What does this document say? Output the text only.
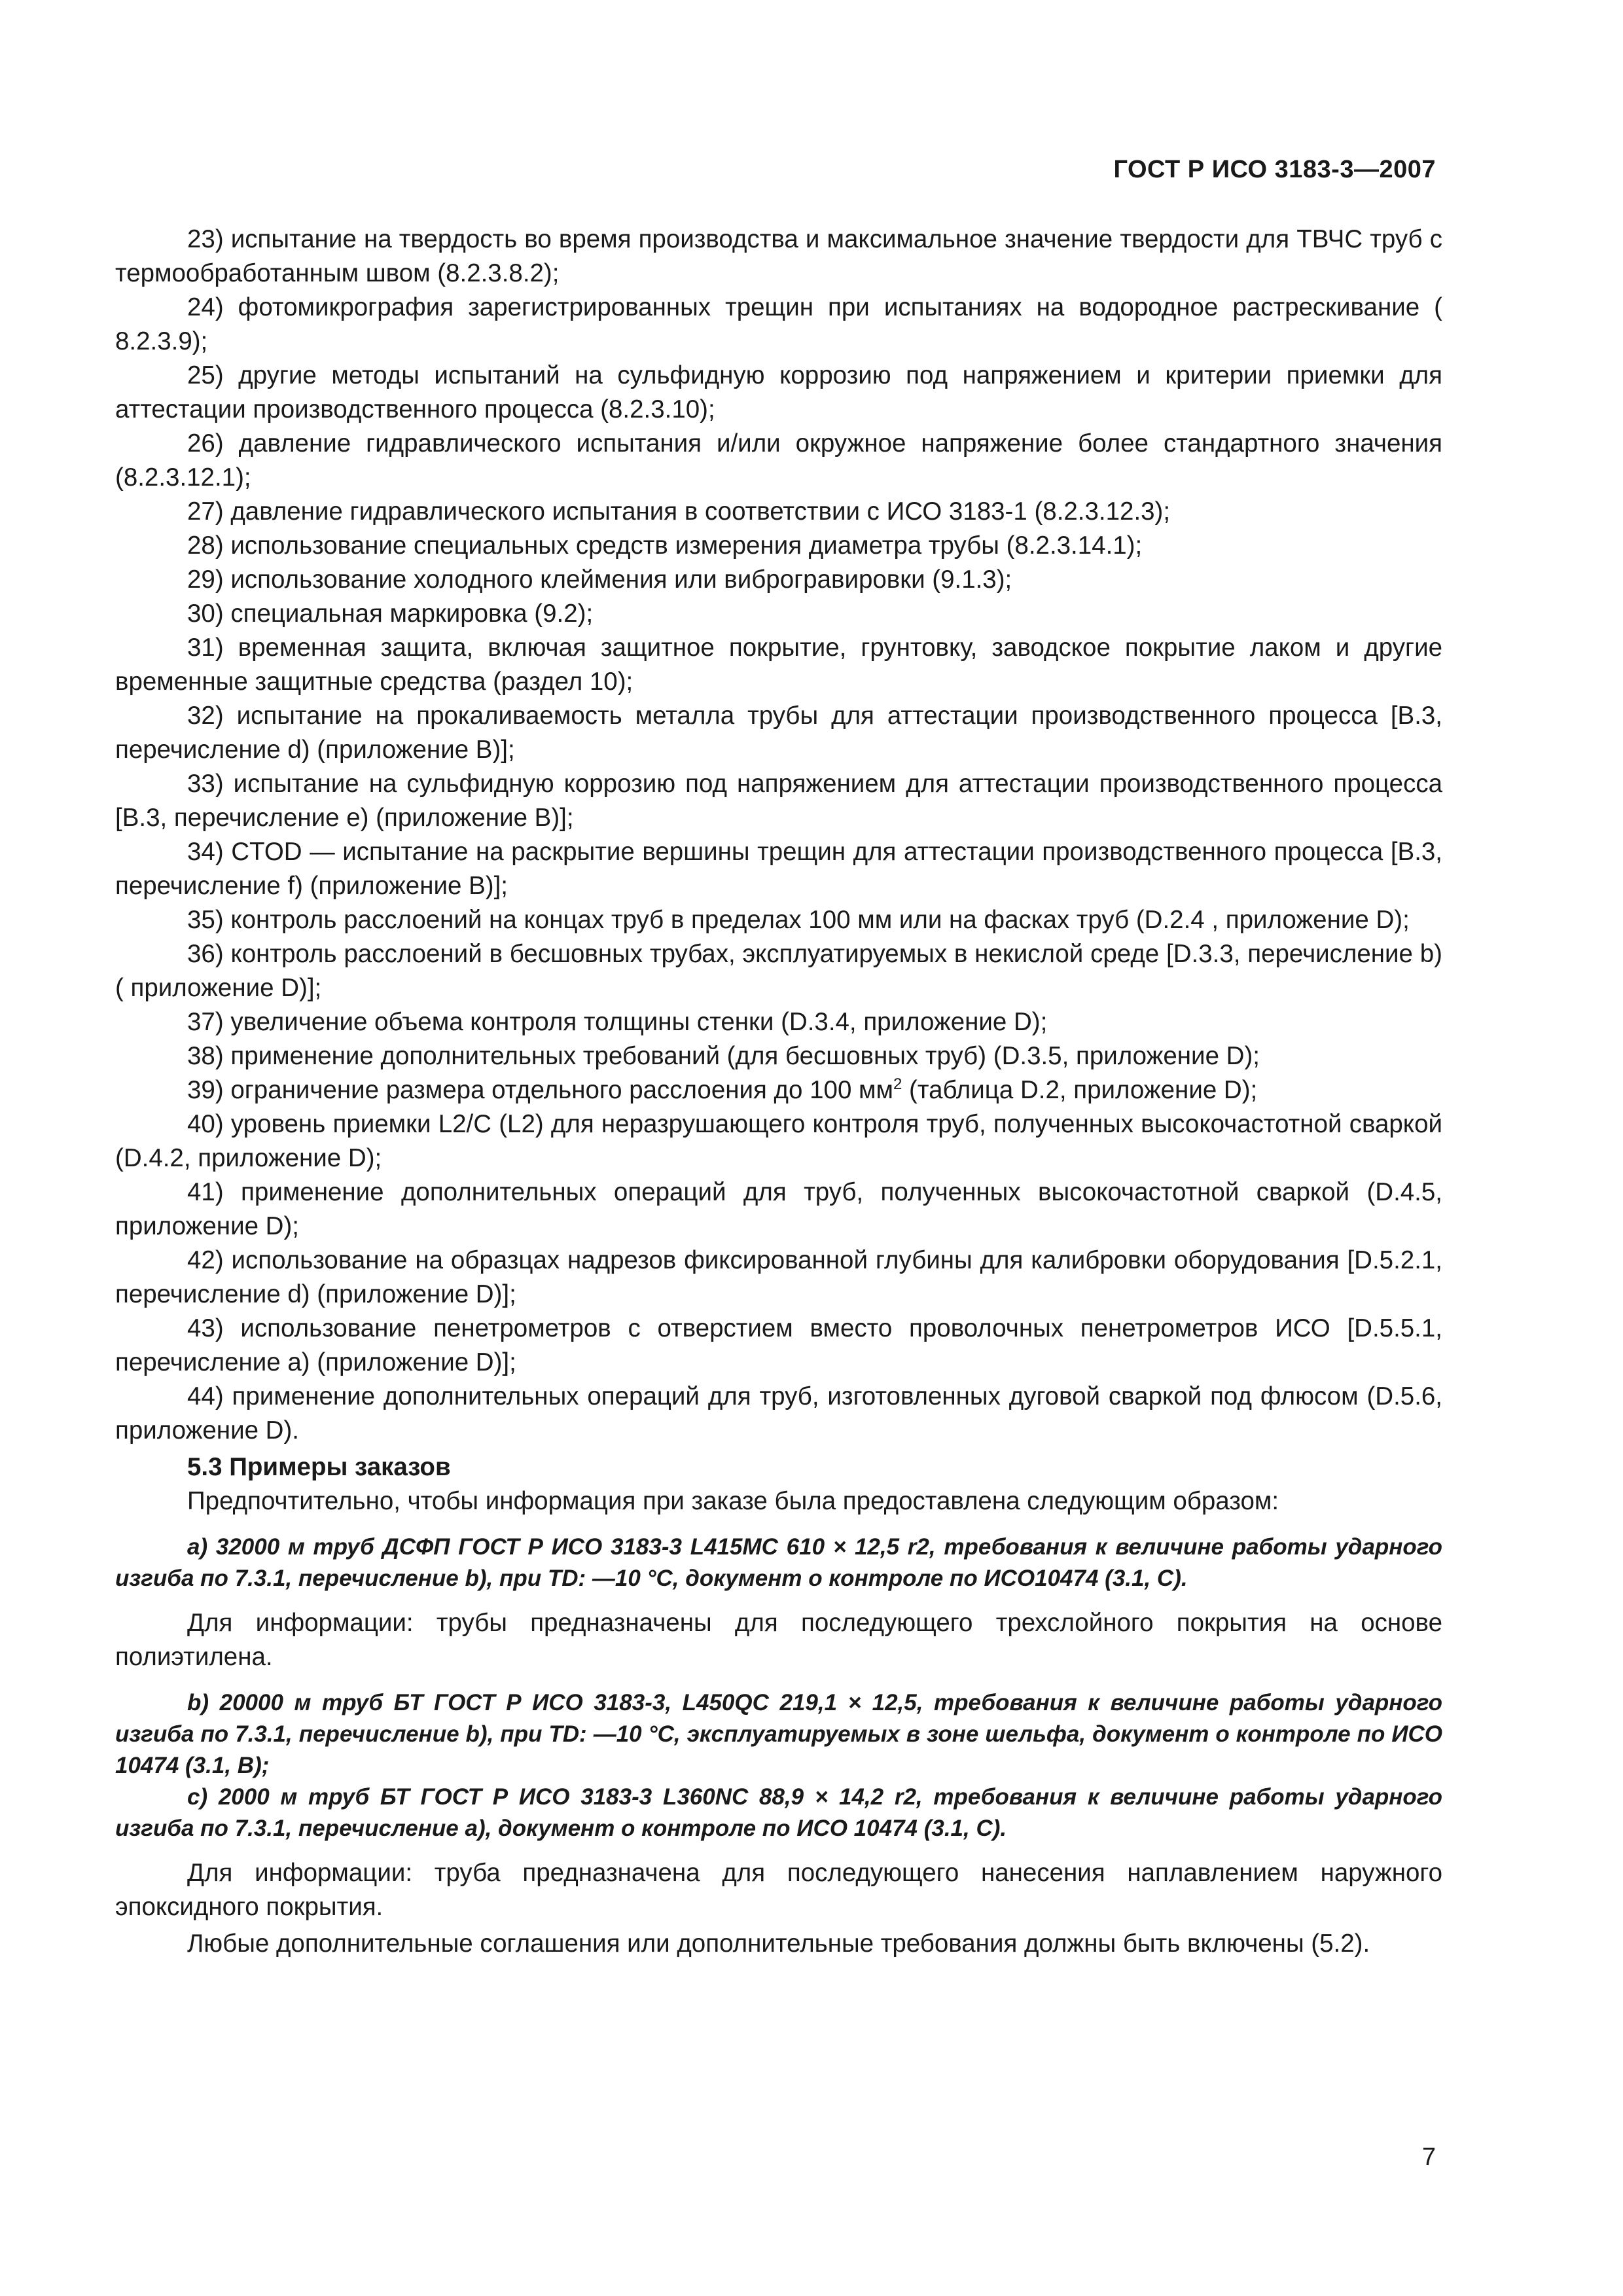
ГОСТ Р ИСО 3183-3—2007

23) испытание на твердость во время производства и максимальное значение твердости для ТВЧС труб с термообработанным швом (8.2.3.8.2);

24) фотомикрография зарегистрированных трещин при испытаниях на водородное растрескивание ( 8.2.3.9);

25) другие методы испытаний на сульфидную коррозию под напряжением и критерии приемки для аттестации производственного процесса (8.2.3.10);

26) давление гидравлического испытания и/или окружное напряжение более стандартного значения (8.2.3.12.1);

27) давление гидравлического испытания в соответствии с ИСО 3183-1 (8.2.3.12.3);

28) использование специальных средств измерения диаметра трубы (8.2.3.14.1);

29) использование холодного клеймения или виброгравировки (9.1.3);

30) специальная маркировка (9.2);

31) временная защита, включая защитное покрытие, грунтовку, заводское покрытие лаком и другие временные защитные средства (раздел 10);

32) испытание на прокаливаемость металла трубы для аттестации производственного процесса [В.3, перечисление d) (приложение В)];

33) испытание на сульфидную коррозию под напряжением для аттестации производственного процесса [В.3, перечисление е) (приложение В)];

34) CTOD — испытание на раскрытие вершины трещин для аттестации производственного процесса [В.3, перечисление f) (приложение В)];

35) контроль расслоений на концах труб в пределах 100 мм или на фасках труб (D.2.4 , приложение D);

36) контроль расслоений в бесшовных трубах, эксплуатируемых в некислой среде [D.3.3, перечисление b) ( приложение D)];

37) увеличение объема контроля толщины стенки (D.3.4, приложение D);

38) применение дополнительных требований (для бесшовных труб) (D.3.5, приложение D);

39) ограничение размера отдельного расслоения до 100 $мм^2$ (таблица D.2, приложение D);

40) уровень приемки L2/C (L2) для неразрушающего контроля труб, полученных высокочастотной сваркой (D.4.2, приложение D);

41) применение дополнительных операций для труб, полученных высокочастотной сваркой (D.4.5, приложение D);

42) использование на образцах надрезов фиксированной глубины для калибровки оборудования [D.5.2.1, перечисление d) (приложение D)];

43) использование пенетрометров с отверстием вместо проволочных пенетрометров ИСО [D.5.5.1, перечисление а) (приложение D)];

44) применение дополнительных операций для труб, изготовленных дуговой сваркой под флюсом (D.5.6, приложение D).

5.3 Примеры заказов

Предпочтительно, чтобы информация при заказе была предоставлена следующим образом:

а) 32000 м труб ДСФП ГОСТ Р ИСО 3183-3 L415MC 610 × 12,5 r2, требования к величине работы ударного изгиба по 7.3.1, перечисление b), при TD: —10 °С, документ о контроле по ИСО10474 (3.1, С).

Для информации: трубы предназначены для последующего трехслойного покрытия на основе полиэтилена.

b) 20000 м труб БТ ГОСТ Р ИСО 3183-3, L450QC 219,1 × 12,5, требования к величине работы ударного изгиба по 7.3.1, перечисление b), при TD: —10 °С, эксплуатируемых в зоне шельфа, документ о контроле по ИСО 10474 (3.1, В);

с) 2000 м труб БТ ГОСТ Р ИСО 3183-3 L360NC 88,9 × 14,2 r2, требования к величине работы ударного изгиба по 7.3.1, перечисление а), документ о контроле по ИСО 10474 (3.1, С).

Для информации: труба предназначена для последующего нанесения наплавлением наружного эпоксидного покрытия.

Любые дополнительные соглашения или дополнительные требования должны быть включены (5.2).

7
